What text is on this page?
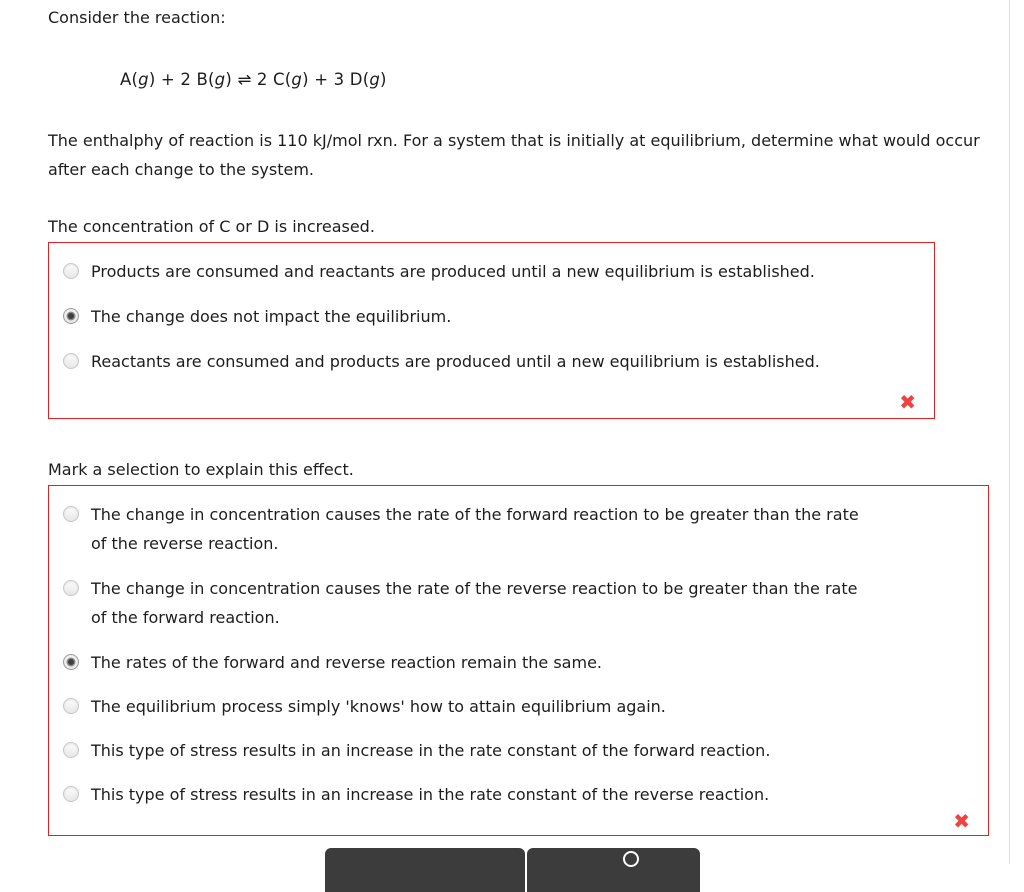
Consider the reaction:

A(g) + 2 B(g) ⇌ 2 C(g) + 3 D(g)

The enthalphy of reaction is 110 kJ/mol rxn. For a system that is initially at equilibrium, determine what would occur after each change to the system.

The concentration of C or D is increased.

Products are consumed and reactants are produced until a new equilibrium is established.
The change does not impact the equilibrium.
Reactants are consumed and products are produced until a new equilibrium is established.
✖

Mark a selection to explain this effect.

The change in concentration causes the rate of the forward reaction to be greater than the rate of the reverse reaction.
The change in concentration causes the rate of the reverse reaction to be greater than the rate of the forward reaction.
The rates of the forward and reverse reaction remain the same.
The equilibrium process simply 'knows' how to attain equilibrium again.
This type of stress results in an increase in the rate constant of the forward reaction.
This type of stress results in an increase in the rate constant of the reverse reaction.
✖
